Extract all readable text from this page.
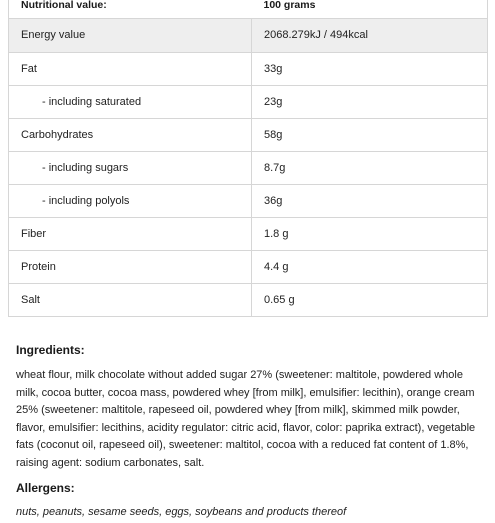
Nutritional value:	100 grams
Energy value	2068.279kJ / 494kcal
Fat	33g
- including saturated	23g
Carbohydrates	58g
- including sugars	8.7g
- including polyols	36g
Fiber	1.8 g
Protein	4.4 g
Salt	0.65 g
Ingredients:

wheat flour, milk chocolate without added sugar 27% (sweetener: maltitole, powdered whole milk, cocoa butter, cocoa mass, powdered whey [from milk], emulsifier: lecithin), orange cream 25% (sweetener: maltitole, rapeseed oil, powdered whey [from milk], skimmed milk powder, flavor, emulsifier: lecithins, acidity regulator: citric acid, flavor, color: paprika extract), vegetable fats (coconut oil, rapeseed oil), sweetener: maltitol, cocoa with a reduced fat content of 1.8%, raising agent: sodium carbonates, salt.

Allergens:

nuts, peanuts, sesame seeds, eggs, soybeans and products thereof
